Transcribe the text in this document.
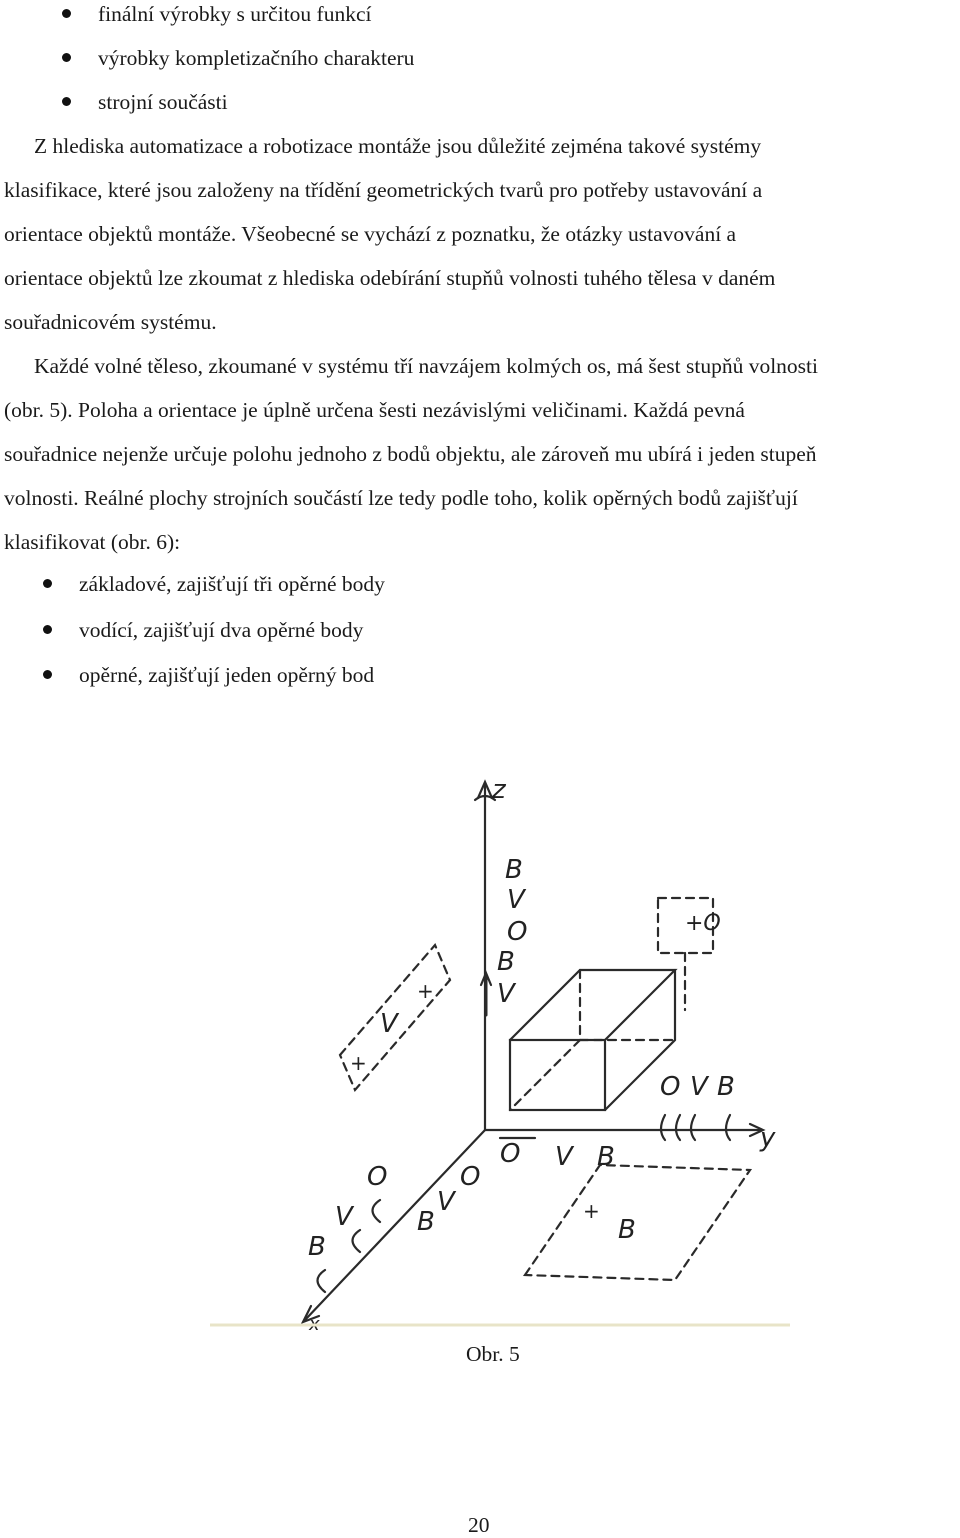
finální výrobky s určitou funkcí
výrobky kompletizačního charakteru
strojní součásti
Z hlediska automatizace a robotizace montáže jsou důležité zejména takové systémy
klasifikace, které jsou založeny na třídění geometrických tvarů pro potřeby ustavování a
orientace objektů montáže. Všeobecné se vychází z poznatku, že otázky ustavování a
orientace objektů lze zkoumat z hlediska odebírání stupňů volnosti tuhého tělesa v daném
souřadnicovém systému.
Každé volné těleso, zkoumané v systému tří navzájem kolmých os, má šest stupňů volnosti
(obr. 5). Poloha a orientace je úplně určena šesti nezávislými veličinami. Každá pevná
souřadnice nejenže určuje polohu jednoho z bodů objektu, ale zároveň mu ubírá i jeden stupeň
volnosti. Reálné plochy strojních součástí lze tedy podle toho, kolik opěrných bodů zajišťují
klasifikovat (obr. 6):
základové, zajišťují tři opěrné body
vodící, zajišťují dva opěrné body
opěrné, zajišťují jeden opěrný bod
z
y
x
B
V
O
B
V
O V B
O V B
V
+
+
B
+
+O
O
V
B
O
V
B
Obr. 5
20
